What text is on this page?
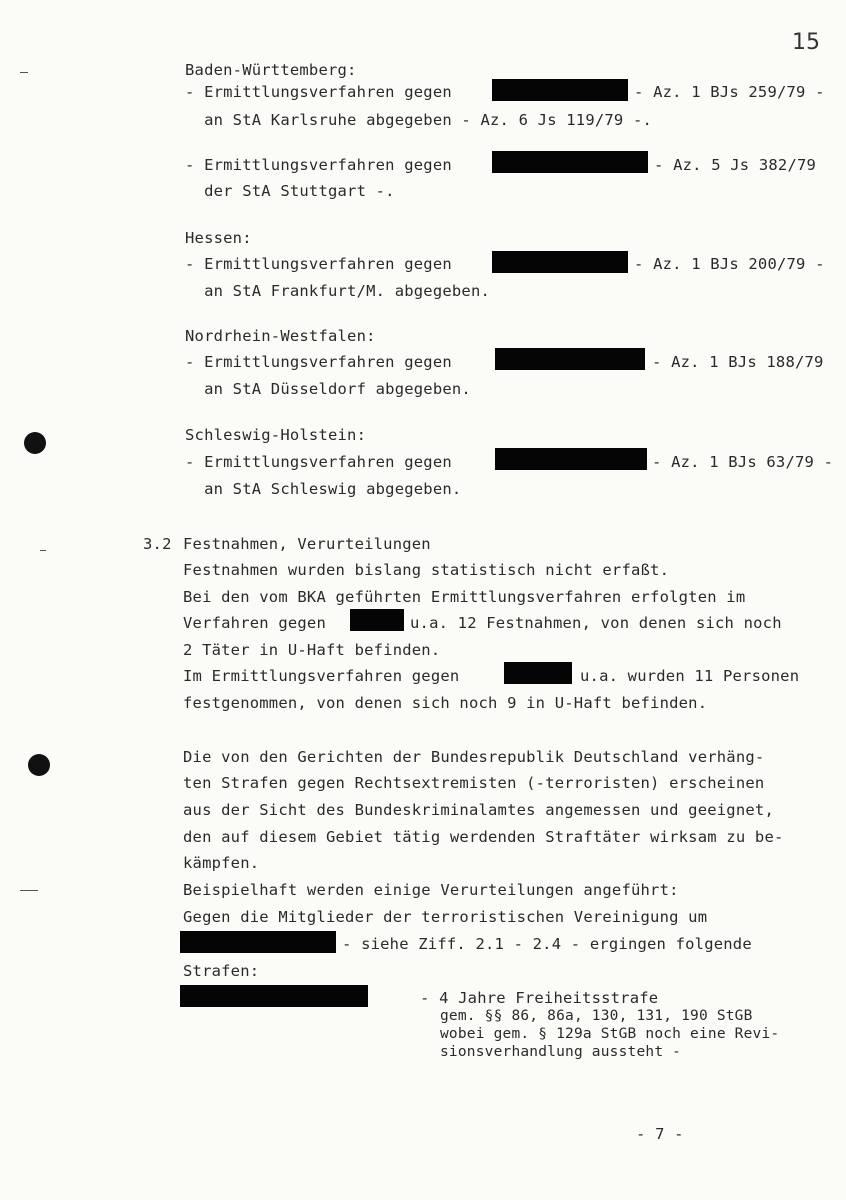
15
Baden-Württemberg:
- Ermittlungsverfahren gegen	- Az. 1 BJs 259/79 -
an StA Karlsruhe abgegeben - Az. 6 Js 119/79 -.
- Ermittlungsverfahren gegen	- Az. 5 Js 382/79
der StA Stuttgart -.
Hessen:
- Ermittlungsverfahren gegen	- Az. 1 BJs 200/79 -
an StA Frankfurt/M. abgegeben.
Nordrhein-Westfalen:
- Ermittlungsverfahren gegen	- Az. 1 BJs 188/79
an StA Düsseldorf abgegeben.
Schleswig-Holstein:
- Ermittlungsverfahren gegen	- Az. 1 BJs 63/79 -
an StA Schleswig abgegeben.
3.2 Festnahmen, Verurteilungen
Festnahmen wurden bislang statistisch nicht erfaßt.
Bei den vom BKA geführten Ermittlungsverfahren erfolgten im
Verfahren gegen	u.a. 12 Festnahmen, von denen sich noch
2 Täter in U-Haft befinden.
Im Ermittlungsverfahren gegen	u.a. wurden 11 Personen
festgenommen, von denen sich noch 9 in U-Haft befinden.
Die von den Gerichten der Bundesrepublik Deutschland verhäng-
ten Strafen gegen Rechtsextremisten (-terroristen) erscheinen
aus der Sicht des Bundeskriminalamtes angemessen und geeignet,
den auf diesem Gebiet tätig werdenden Straftäter wirksam zu be-
kämpfen.
Beispielhaft werden einige Verurteilungen angeführt:
Gegen die Mitglieder der terroristischen Vereinigung um
- siehe Ziff. 2.1 - 2.4 - ergingen folgende
Strafen:
- 4 Jahre Freiheitsstrafe
gem. §§ 86, 86a, 130, 131, 190 StGB
wobei gem. § 129a StGB noch eine Revi-
sionsverhandlung aussteht -
- 7 -
